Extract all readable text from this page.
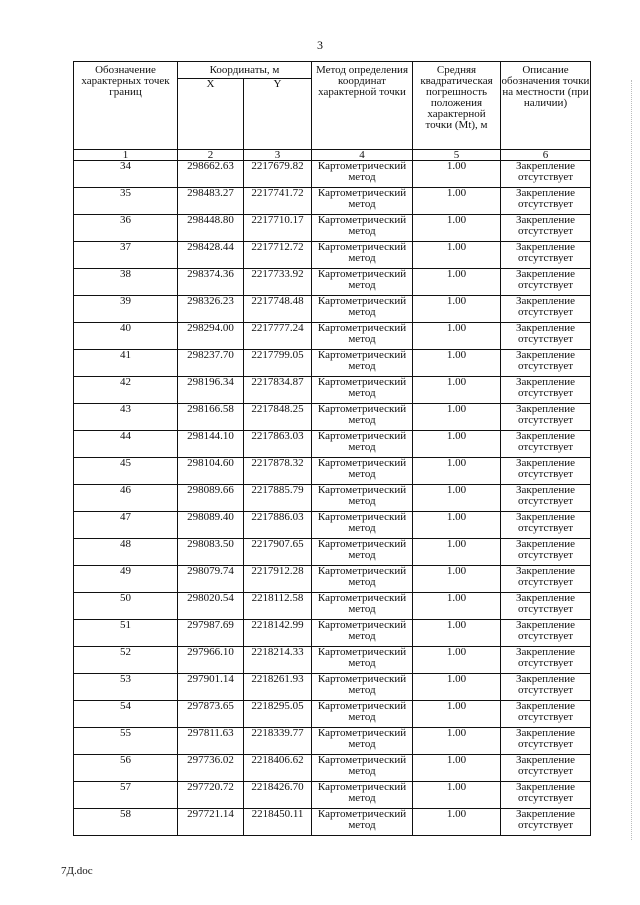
3
Обозначение характерных точек границ	Координаты, м		Метод определения координат характерной точки	Средняя квадратическая погрешность положения характерной точки (Mt), м	Описание обозначения точки на местности (при наличии)
	X	Y			
1	2	3	4	5	6
34	298662.63	2217679.82	Картометрический метод	1.00	Закрепление отсутствует
35	298483.27	2217741.72	Картометрический метод	1.00	Закрепление отсутствует
36	298448.80	2217710.17	Картометрический метод	1.00	Закрепление отсутствует
37	298428.44	2217712.72	Картометрический метод	1.00	Закрепление отсутствует
38	298374.36	2217733.92	Картометрический метод	1.00	Закрепление отсутствует
39	298326.23	2217748.48	Картометрический метод	1.00	Закрепление отсутствует
40	298294.00	2217777.24	Картометрический метод	1.00	Закрепление отсутствует
41	298237.70	2217799.05	Картометрический метод	1.00	Закрепление отсутствует
42	298196.34	2217834.87	Картометрический метод	1.00	Закрепление отсутствует
43	298166.58	2217848.25	Картометрический метод	1.00	Закрепление отсутствует
44	298144.10	2217863.03	Картометрический метод	1.00	Закрепление отсутствует
45	298104.60	2217878.32	Картометрический метод	1.00	Закрепление отсутствует
46	298089.66	2217885.79	Картометрический метод	1.00	Закрепление отсутствует
47	298089.40	2217886.03	Картометрический метод	1.00	Закрепление отсутствует
48	298083.50	2217907.65	Картометрический метод	1.00	Закрепление отсутствует
49	298079.74	2217912.28	Картометрический метод	1.00	Закрепление отсутствует
50	298020.54	2218112.58	Картометрический метод	1.00	Закрепление отсутствует
51	297987.69	2218142.99	Картометрический метод	1.00	Закрепление отсутствует
52	297966.10	2218214.33	Картометрический метод	1.00	Закрепление отсутствует
53	297901.14	2218261.93	Картометрический метод	1.00	Закрепление отсутствует
54	297873.65	2218295.05	Картометрический метод	1.00	Закрепление отсутствует
55	297811.63	2218339.77	Картометрический метод	1.00	Закрепление отсутствует
56	297736.02	2218406.62	Картометрический метод	1.00	Закрепление отсутствует
57	297720.72	2218426.70	Картометрический метод	1.00	Закрепление отсутствует
58	297721.14	2218450.11	Картометрический метод	1.00	Закрепление отсутствует
7Д.doc
